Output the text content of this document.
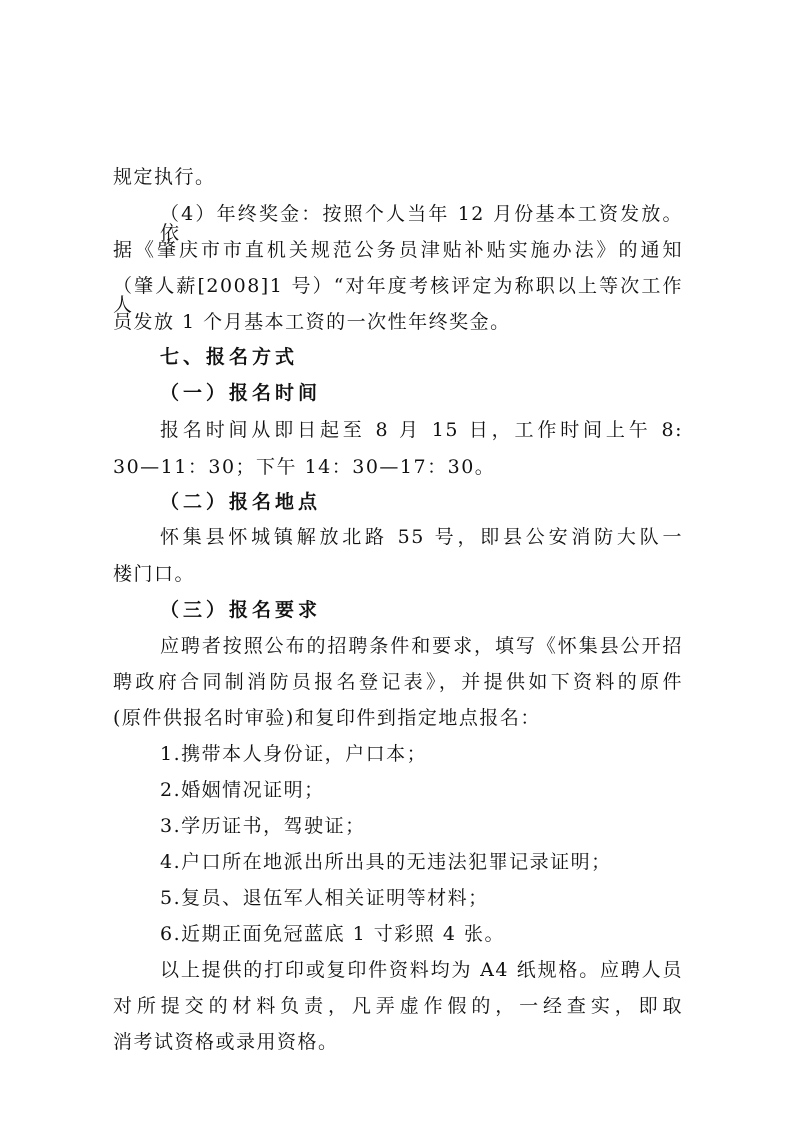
规定执行。
（4）年终奖金：按照个人当年 12 月份基本工资发放。依
据《肇庆市市直机关规范公务员津贴补贴实施办法》的通知
（肇人薪[2008]1 号）“对年度考核评定为称职以上等次工作人
员发放 1 个月基本工资的一次性年终奖金。
七、报名方式
（一）报名时间
报名时间从即日起至 8 月 15 日，工作时间上午 8:
30—11：30；下午 14：30—17：30。
（二）报名地点
怀集县怀城镇解放北路 55 号，即县公安消防大队一
楼门口。
（三）报名要求
应聘者按照公布的招聘条件和要求，填写《怀集县公开招
聘政府合同制消防员报名登记表》，并提供如下资料的原件
(原件供报名时审验)和复印件到指定地点报名：
1.携带本人身份证，户口本；
2.婚姻情况证明；
3.学历证书，驾驶证；
4.户口所在地派出所出具的无违法犯罪记录证明；
5.复员、退伍军人相关证明等材料；
6.近期正面免冠蓝底 1 寸彩照 4 张。
以上提供的打印或复印件资料均为 A4 纸规格。应聘人员
对所提交的材料负责，凡弄虚作假的，一经查实，即取
消考试资格或录用资格。
